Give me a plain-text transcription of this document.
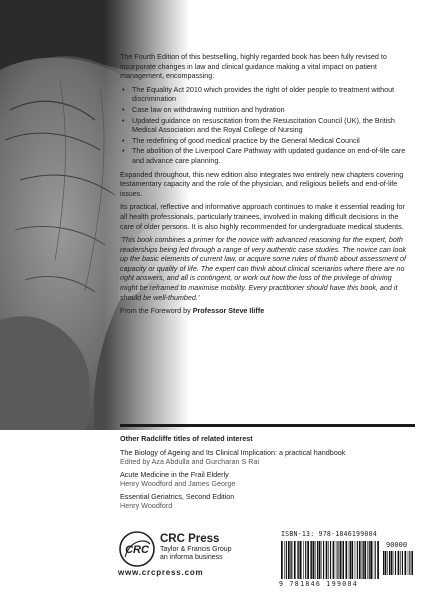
The Fourth Edition of this bestselling, highly regarded book has been fully revised to incorporate changes in law and clinical guidance making a vital impact on patient management, encompassing:

• The Equality Act 2010 which provides the right of older people to treatment without discrimination
• Case law on withdrawing nutrition and hydration
• Updated guidance on resuscitation from the Resuscitation Council (UK), the British Medical Association and the Royal College of Nursing
• The redefining of good medical practice by the General Medical Council
• The abolition of the Liverpool Care Pathway with updated guidance on end-of-life care and advance care planning.

Expanded throughout, this new edition also integrates two entirely new chapters covering testamentary capacity and the role of the physician, and religious beliefs and end-of-life issues.

Its practical, reflective and informative approach continues to make it essential reading for all health professionals, particularly trainees, involved in making difficult decisions in the care of older persons. It is also highly recommended for undergraduate medical students.

‘This book combines a primer for the novice with advanced reasoning for the expert, both readerships being led through a range of very authentic case studies. The novice can look up the basic elements of current law, or acquire some rules of thumb about assessment of capacity or quality of life. The expert can think about clinical scenarios where there are no right answers, and all is contingent, or work out how the loss of the privilege of driving might be reframed to maximise mobility. Every practitioner should have this book, and it should be well-thumbed.’

From the Foreword by Professor Steve Iliffe

Other Radcliffe titles of related interest
The Biology of Ageing and Its Clinical Implication: a practical handbook
Edited by Aza Abdulla and Gurcharan S Rai
Acute Medicine in the Frail Elderly
Henry Woodford and James George
Essential Geriatrics, Second Edition
Henry Woodford
CRC
CRC Press
Taylor & Francis Group
an informa business
www.crcpress.com
ISBN-13: 978-1846199004
9 781846 199004
90000
